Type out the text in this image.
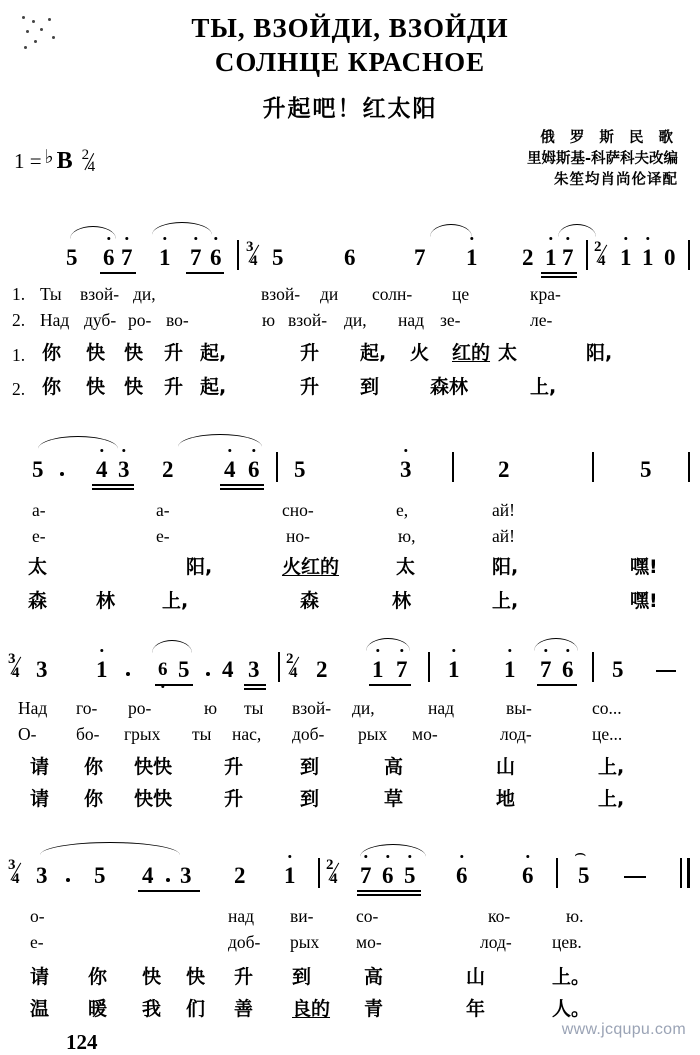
ТЫ, ВЗОЙДИ, ВЗОЙДИ
СОЛНЦЕ КРАСНОЕ
升起吧！红太阳
俄 罗 斯 民 歌
里姆斯基-科萨科夫改编
朱笙均肖尚伦译配
1 = ♭ B 2
4
5 6 7 1 7 6 3
4 5	6	7 1 2 1 7 2
4 1 1 0
1. Ты взой- ди,	взой- ди солн- це	кра-
2. Над дуб- ро- во-	ю взой- ди, над зе-	ле-
1. 你 快 快 升 起,	升 起, 火 红的 太	阳,
2. 你 快 快 升 起,	升 到	森林	上,
5 4 3 2 4 6 5	3	2	5
а-	а-	сно-	е,	ай!
е-	е-	но-	ю,	ай!
太	阳,	火红的	太	阳,	嘿!
森	林 上,	森	林	上,	嘿!
3
4 3 1	6 5 4 3 2
4 2 1 7 1 1 7 6 5
Над го- ро-	ю ты взой- ди,	над	вы-	со...
О- бо- грых ты нас, доб- рых мо-	лод-	це...
请 你 快快	升	到	高	山	上,
请 你 快快	升	到	草	地	上,
3
4 3 5 4 3 2 1 2
4 7 6 5 6 6
⌢
5
о-	над ви- со-	ко-	ю.
е-	доб- рых мо-	лод- цев.
请 你 快 快 升 到	高	山	上。
温 暖 我 们 善 良的 青	年	人。
124
www.jcqupu.com
